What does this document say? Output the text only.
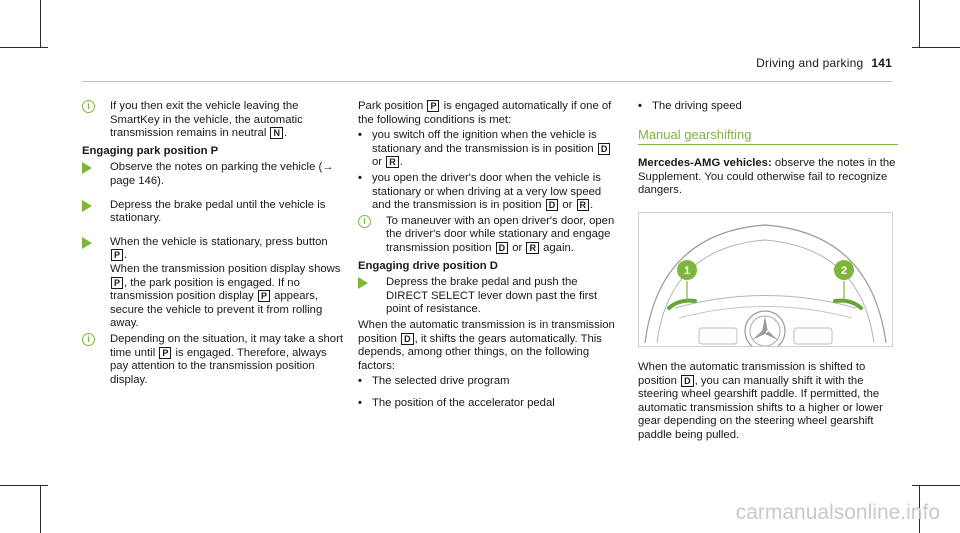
Driving and parking 141
i	If you then exit the vehicle leaving the SmartKey in the vehicle, the automatic transmission remains in neutral N .

Engaging park position P

Observe the notes on parking the vehicle (→ page 146).

Depress the brake pedal until the vehicle is stationary.

When the vehicle is stationary, press button P .

When the transmission position display shows P , the park position is engaged. If no transmission position display P appears, secure the vehicle to prevent it from rolling away.

i	Depending on the situation, it may take a short time until P is engaged. Therefore, always pay attention to the transmission position display.

Park position P is engaged automatically if one of the following conditions is met:

• you switch off the ignition when the vehicle is stationary and the transmission is in position D or R .

• you open the driver's door when the vehicle is stationary or when driving at a very low speed and the transmission is in position D or R .

i	To maneuver with an open driver's door, open the driver's door while stationary and engage transmission position D or R again.

Engaging drive position D

Depress the brake pedal and push the DIRECT SELECT lever down past the first point of resistance.

When the automatic transmission is in transmission position D , it shifts the gears automatically. This depends, among other things, on the following factors:

• The selected drive program

• The position of the accelerator pedal

• The driving speed

Manual gearshifting

Mercedes-AMG vehicles: observe the notes in the Supplement. You could otherwise fail to recognize dangers.

1	2

When the automatic transmission is shifted to position D , you can manually shift it with the steering wheel gearshift paddle. If permitted, the automatic transmission shifts to a higher or lower gear depending on the steering wheel gearshift paddle being pulled.

carmanualsonline.info
